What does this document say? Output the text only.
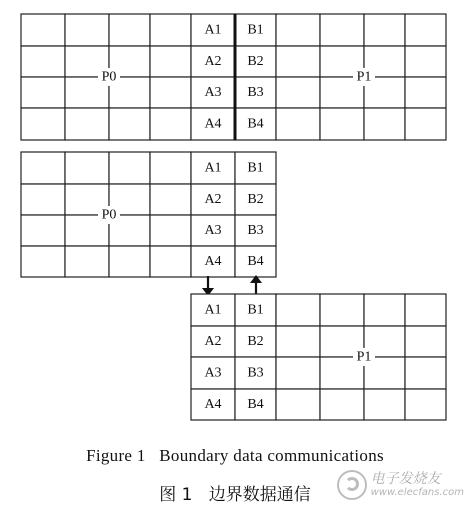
A1 B1
A2 B2
A3 B3
A4 B4
P0	P1
A1 B1
A2 B2
A3 B3
A4 B4
P0
A1 B1
A2 B2
A3 B3
A4 B4
P1
Figure 1   Boundary data communications
图 1   边界数据通信
电子发烧友
www.elecfans.com
